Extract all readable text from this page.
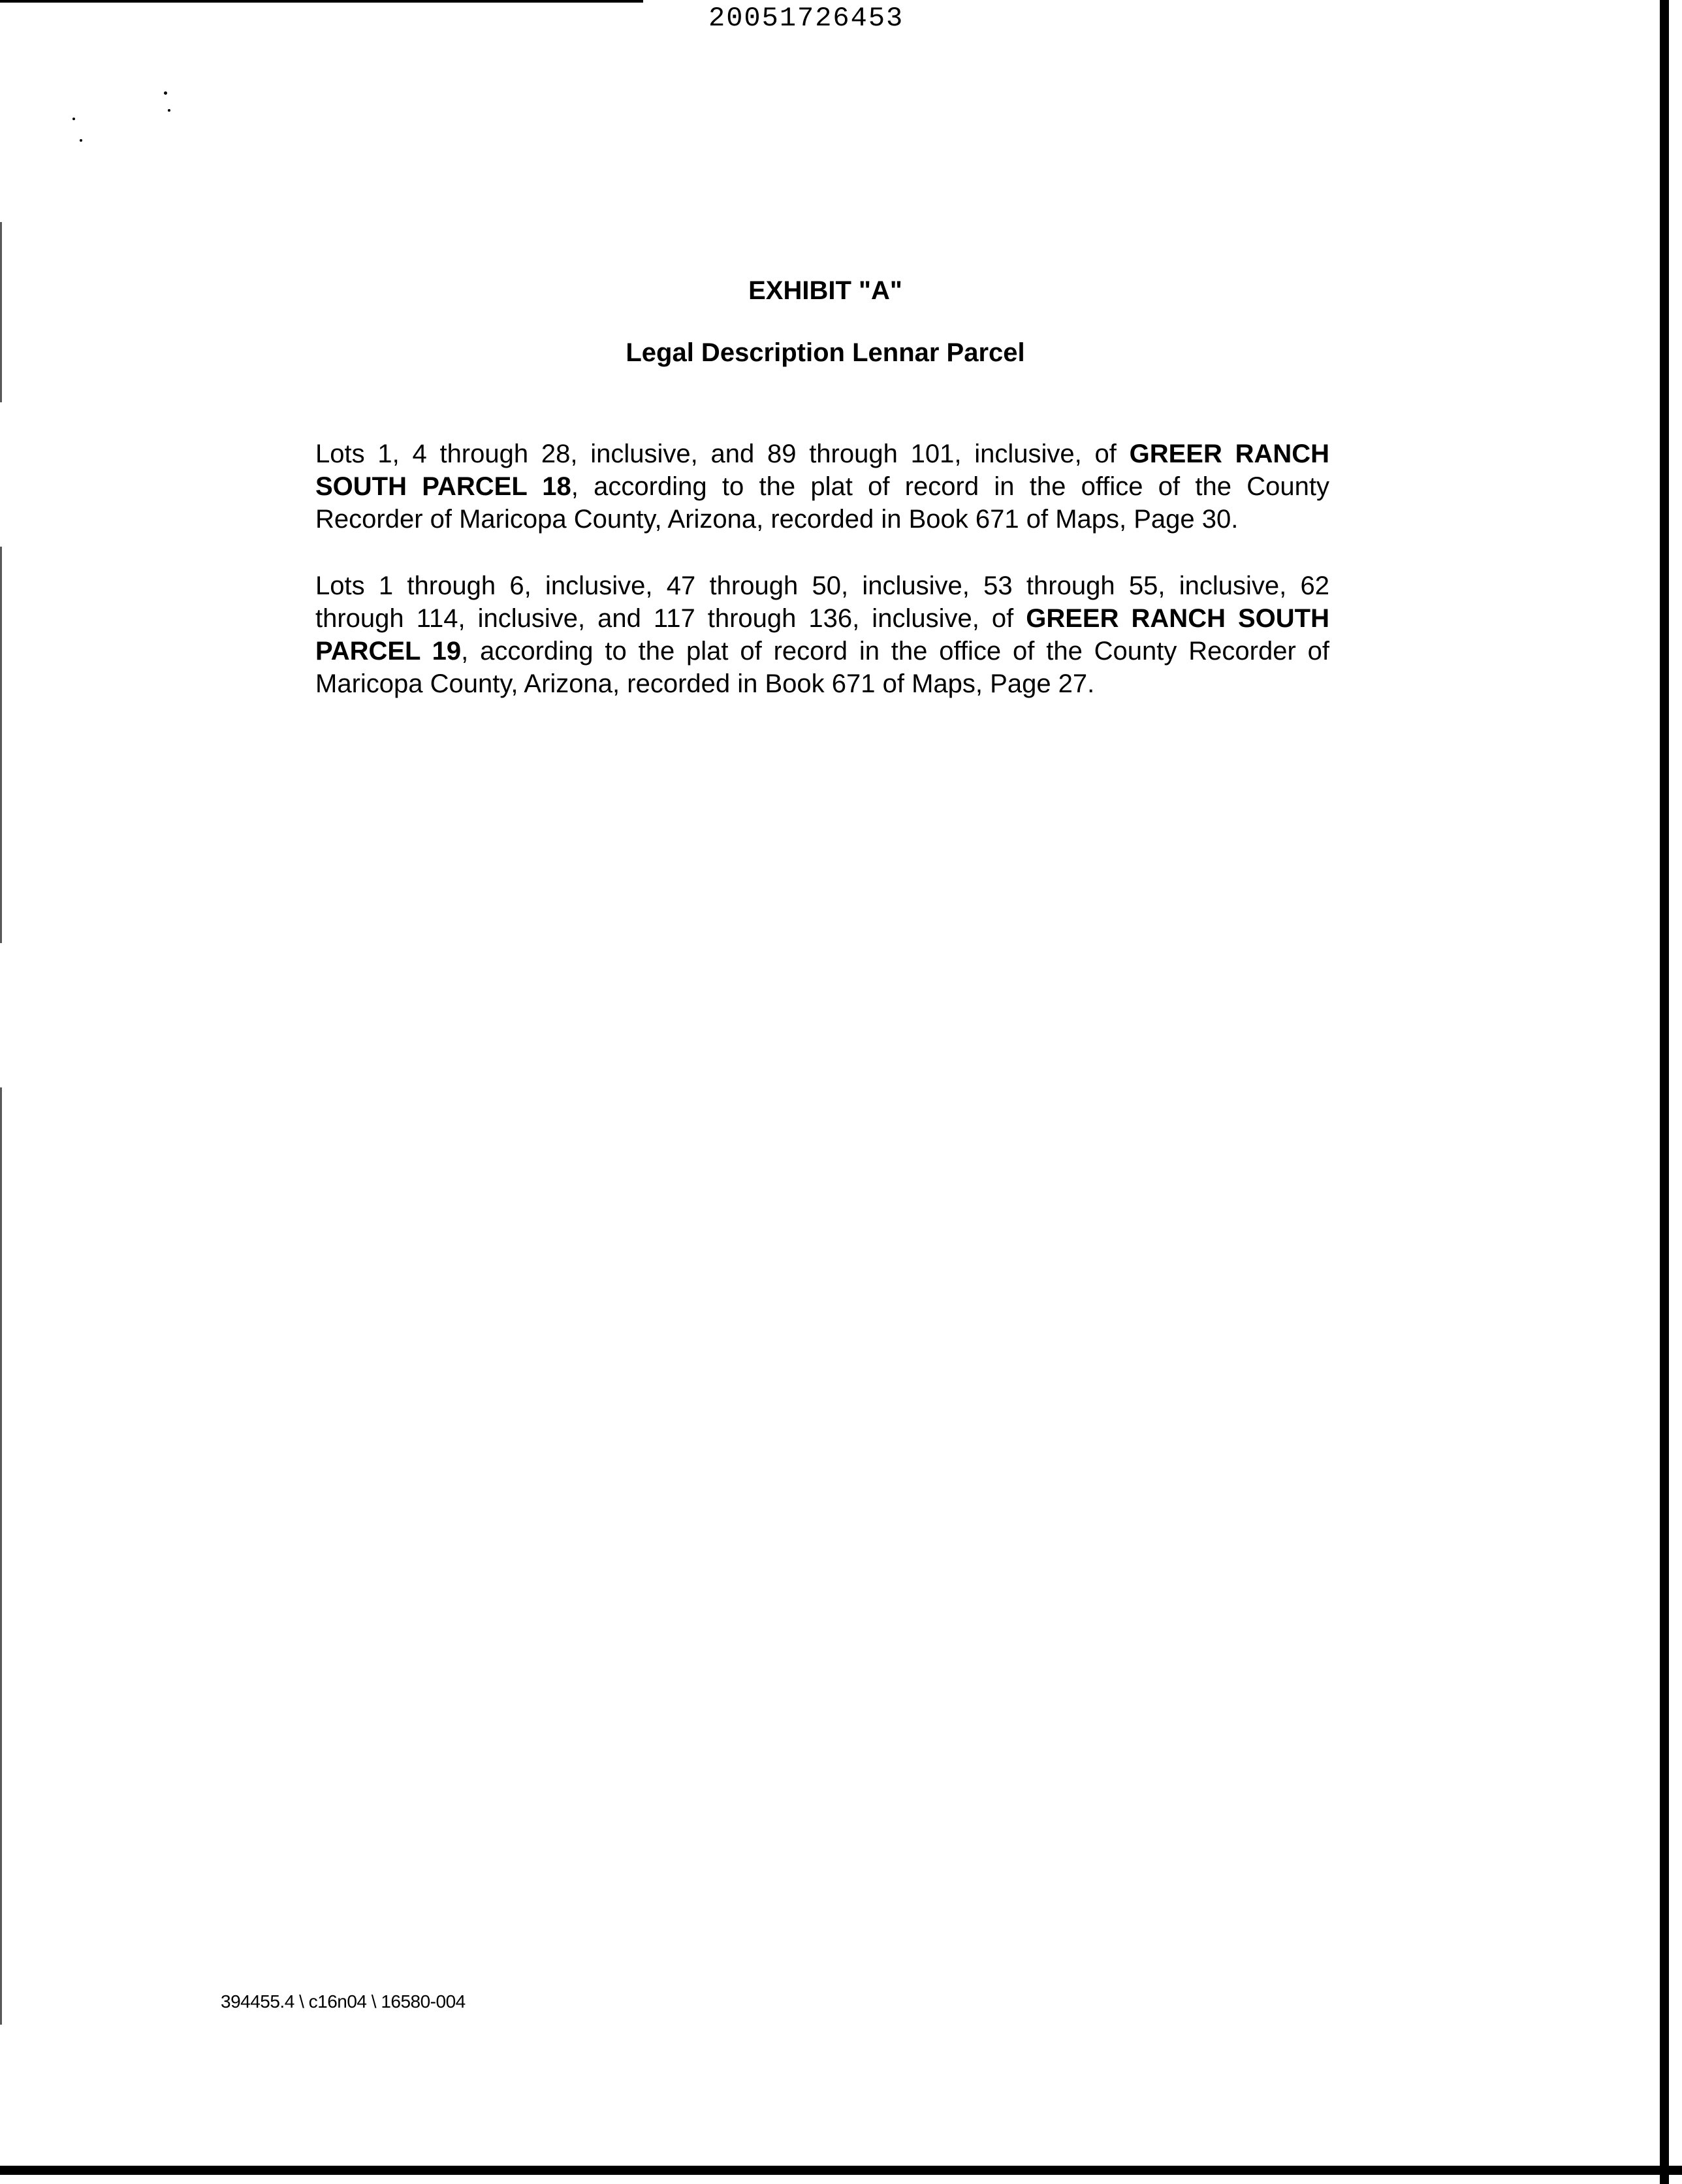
20051726453
EXHIBIT "A"
Legal Description Lennar Parcel

Lots 1, 4 through 28, inclusive, and 89 through 101, inclusive, of GREER RANCH SOUTH PARCEL 18, according to the plat of record in the office of the County Recorder of Maricopa County, Arizona, recorded in Book 671 of Maps, Page 30.

Lots 1 through 6, inclusive, 47 through 50, inclusive, 53 through 55, inclusive, 62 through 114, inclusive, and 117 through 136, inclusive, of GREER RANCH SOUTH PARCEL 19, according to the plat of record in the office of the County Recorder of Maricopa County, Arizona, recorded in Book 671 of Maps, Page 27.

394455.4 \ c16n04 \ 16580-004
